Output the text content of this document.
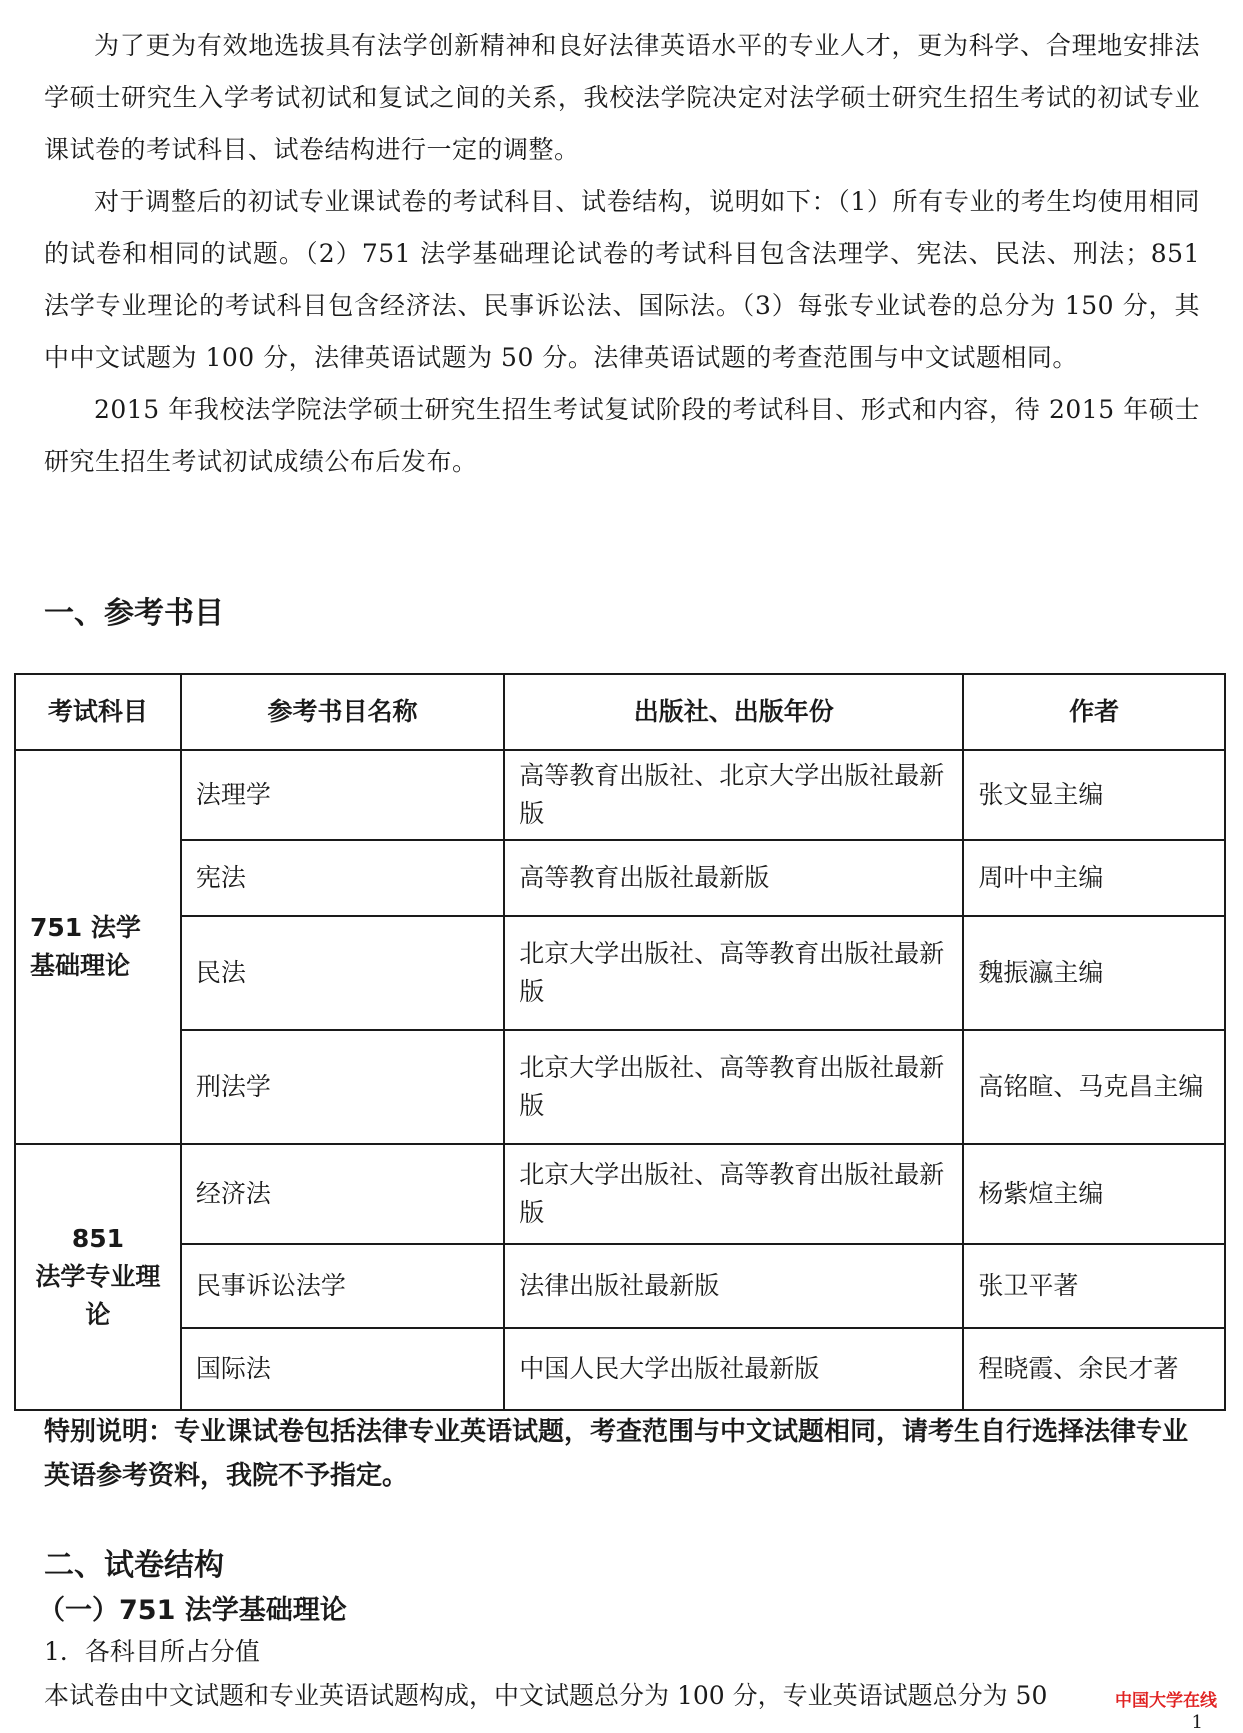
为了更为有效地选拔具有法学创新精神和良好法律英语水平的专业人才，更为科学、合理地安排法学硕士研究生入学考试初试和复试之间的关系，我校法学院决定对法学硕士研究生招生考试的初试专业课试卷的考试科目、试卷结构进行一定的调整。

对于调整后的初试专业课试卷的考试科目、试卷结构，说明如下：（1）所有专业的考生均使用相同的试卷和相同的试题。（2）751 法学基础理论试卷的考试科目包含法理学、宪法、民法、刑法；851 法学专业理论的考试科目包含经济法、民事诉讼法、国际法。（3）每张专业试卷的总分为 150 分，其中中文试题为 100 分，法律英语试题为 50 分。法律英语试题的考查范围与中文试题相同。

2015 年我校法学院法学硕士研究生招生考试复试阶段的考试科目、形式和内容，待 2015 年硕士研究生招生考试初试成绩公布后发布。

一、参考书目
考试科目	参考书目名称	出版社、出版年份	作者
751 法学基础理论	法理学	高等教育出版社、北京大学出版社最新版	张文显主编
	宪法	高等教育出版社最新版	周叶中主编
	民法	北京大学出版社、高等教育出版社最新版	魏振瀛主编
	刑法学	北京大学出版社、高等教育出版社最新版	高铭暄、马克昌主编

851
法学专业理论	经济法	北京大学出版社、高等教育出版社最新版	杨紫煊主编
	民事诉讼法学	法律出版社最新版	张卫平著
	国际法	中国人民大学出版社最新版	程晓霞、余民才著

特别说明：专业课试卷包括法律专业英语试题，考查范围与中文试题相同，请考生自行选择法律专业英语参考资料，我院不予指定。

二、试卷结构
（一）751 法学基础理论

1．各科目所占分值

本试卷由中文试题和专业英语试题构成，中文试题总分为 100 分，专业英语试题总分为 50	中国大学在线
1
